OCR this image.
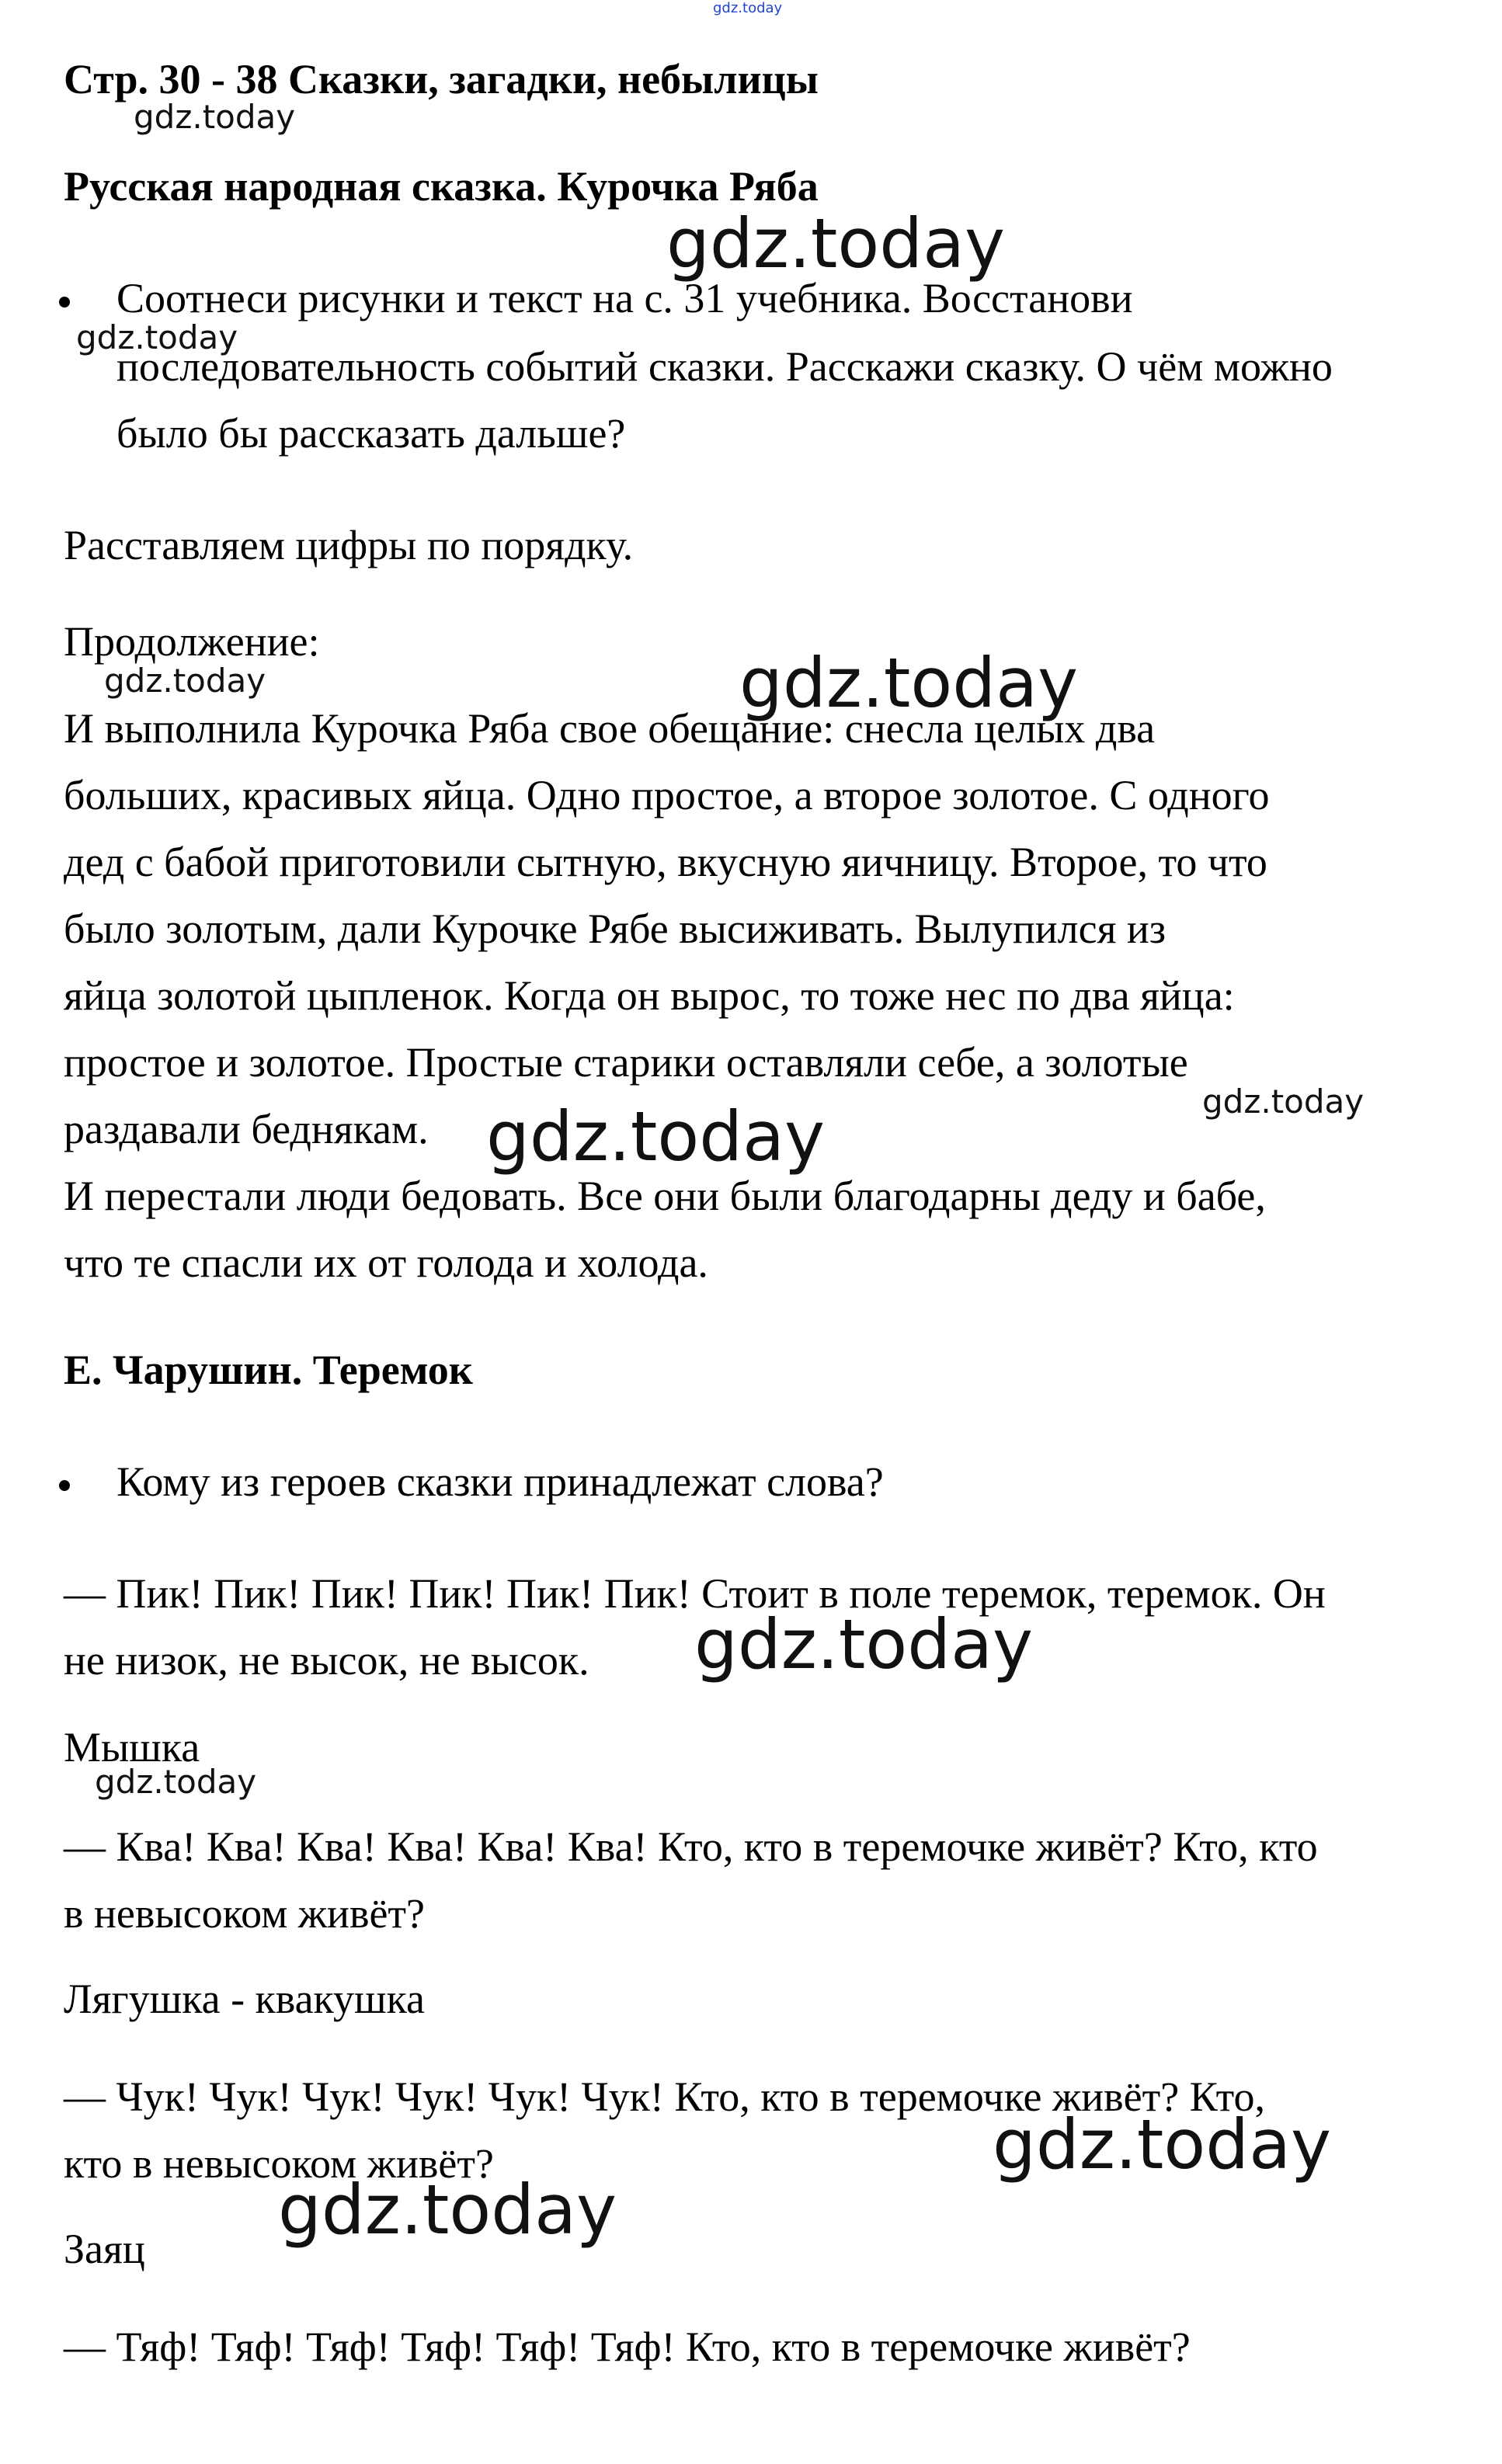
gdz.today
Стр. 30 - 38 Сказки, загадки, небылицы
gdz.today
Русская народная сказка. Курочка Ряба
gdz.today
Соотнеси рисунки и текст на с. 31 учебника. Восстанови
gdz.today
последовательность событий сказки. Расскажи сказку. О чём можно
было бы рассказать дальше?
Расставляем цифры по порядку.
Продолжение:
gdz.today	gdz.today
И выполнила Курочка Ряба свое обещание: снесла целых два
больших, красивых яйца. Одно простое, а второе золотое. С одного
дед с бабой приготовили сытную, вкусную яичницу. Второе, то что
было золотым, дали Курочке Рябе высиживать. Вылупился из
яйца золотой цыпленок. Когда он вырос, то тоже нес по два яйца:
простое и золотое. Простые старики оставляли себе, а золотые
gdz.today
раздавали беднякам. gdz.today
И перестали люди бедовать. Все они были благодарны деду и бабе,
что те спасли их от голода и холода.
Е. Чарушин. Теремок
Кому из героев сказки принадлежат слова?
— Пик! Пик! Пик! Пик! Пик! Пик! Стоит в поле теремок, теремок. Он
не низок, не высок, не высок. gdz.today
Мышка
gdz.today
— Ква! Ква! Ква! Ква! Ква! Ква! Кто, кто в теремочке живёт? Кто, кто
в невысоком живёт?
Лягушка - квакушка
— Чук! Чук! Чук! Чук! Чук! Чук! Кто, кто в теремочке живёт? Кто,
gdz.today
кто в невысоком живёт?
gdz.today
Заяц
— Тяф! Тяф! Тяф! Тяф! Тяф! Тяф! Кто, кто в теремочке живёт?
